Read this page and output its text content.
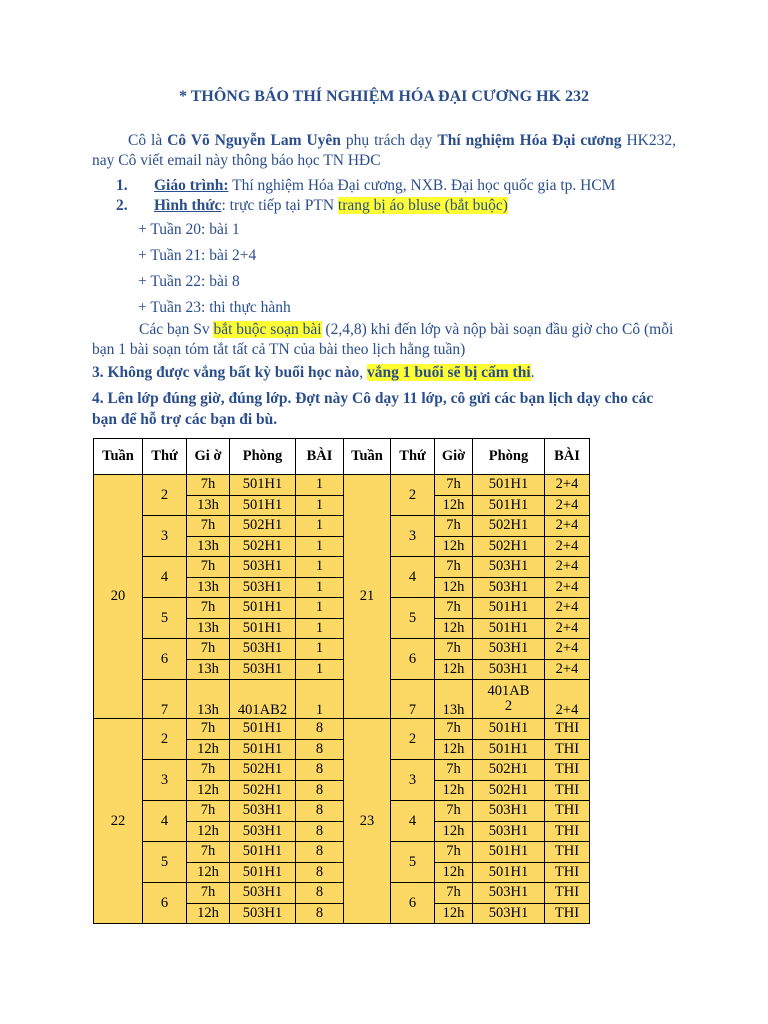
* THÔNG BÁO THÍ NGHIỆM HÓA ĐẠI CƯƠNG HK 232
Cô là Cô Võ Nguyễn Lam Uyên phụ trách dạy Thí nghiệm Hóa Đại cương HK232, nay Cô viết email này thông báo học TN HĐC
1.	Giáo trình: Thí nghiệm Hóa Đại cương, NXB. Đại học quốc gia tp. HCM
2.	Hình thức: trực tiếp tại PTN trang bị áo bluse (bắt buộc)
+ Tuần 20: bài 1
+ Tuần 21: bài 2+4
+ Tuần 22: bài 8
+ Tuần 23: thi thực hành
Các bạn Sv bắt buộc soạn bài (2,4,8) khi đến lớp và nộp bài soạn đầu giờ cho Cô (mỗi bạn 1 bài soạn tóm tắt tất cả TN của bài theo lịch hằng tuần)
3. Không được vắng bất kỳ buổi học nào, vắng 1 buổi sẽ bị cấm thi.
4. Lên lớp đúng giờ, đúng lớp. Đợt này Cô dạy 11 lớp, cô gửi các bạn lịch dạy cho các bạn để hỗ trợ các bạn đi bù.
Tuần	Thứ	Gi ờ	Phòng	BÀI	Tuần	Thứ	Giờ	Phòng	BÀI
20	2	7h	501H1	1	21	2	7h	501H1	2+4
		13h	501H1	1			12h	501H1	2+4
	3	7h	502H1	1		3	7h	502H1	2+4
		13h	502H1	1			12h	502H1	2+4
	4	7h	503H1	1		4	7h	503H1	2+4
		13h	503H1	1			12h	503H1	2+4
	5	7h	501H1	1		5	7h	501H1	2+4
		13h	501H1	1			12h	501H1	2+4
	6	7h	503H1	1		6	7h	503H1	2+4
		13h	503H1	1			12h	503H1	2+4
	7	13h	401AB2	1		7	13h	401AB 2	2+4
22	2	7h	501H1	8	23	2	7h	501H1	THI
		12h	501H1	8			12h	501H1	THI
	3	7h	502H1	8		3	7h	502H1	THI
		12h	502H1	8			12h	502H1	THI
	4	7h	503H1	8		4	7h	503H1	THI
		12h	503H1	8			12h	503H1	THI
	5	7h	501H1	8		5	7h	501H1	THI
		12h	501H1	8			12h	501H1	THI
	6	7h	503H1	8		6	7h	503H1	THI
		12h	503H1	8			12h	503H1	THI
